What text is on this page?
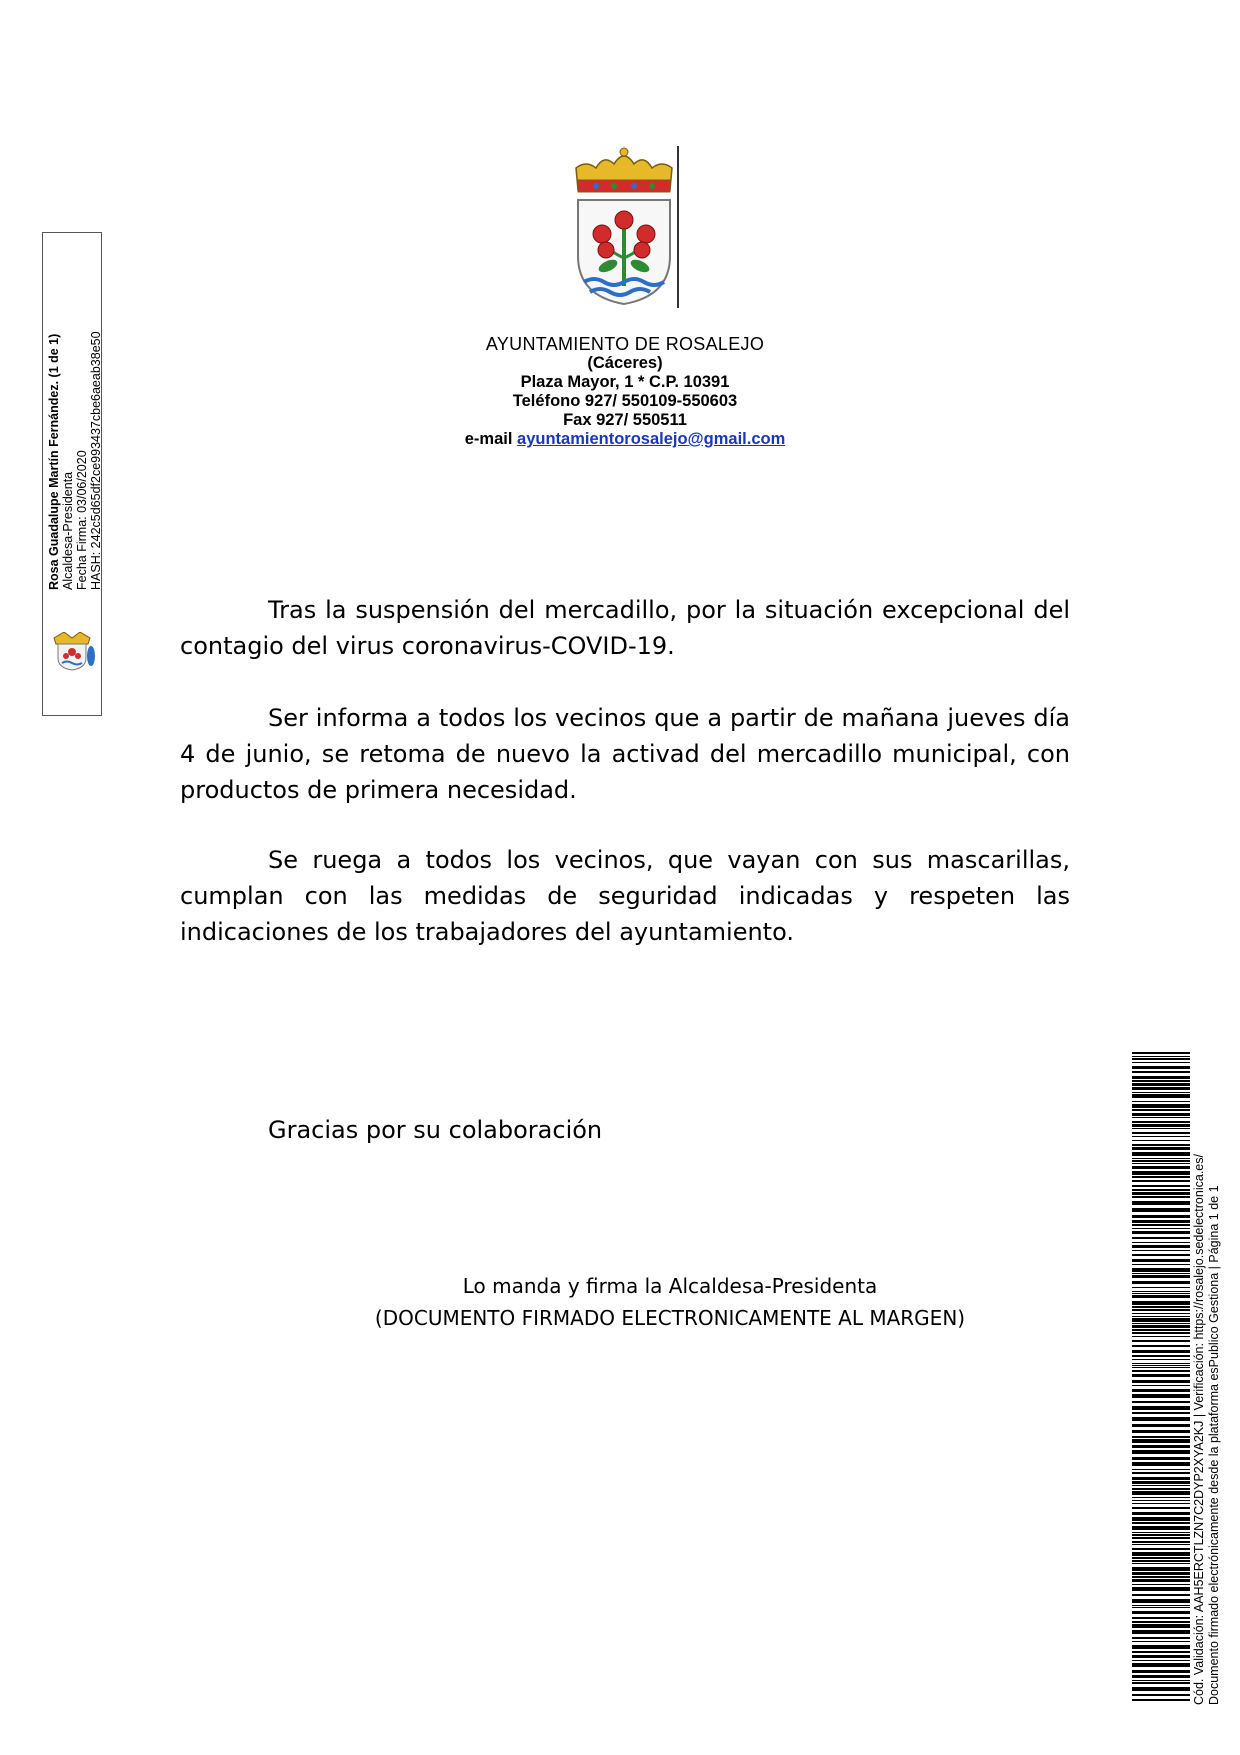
AYUNTAMIENTO DE ROSALEJO
(Cáceres)
Plaza Mayor, 1 * C.P. 10391
Teléfono 927/ 550109-550603
Fax 927/ 550511
e-mail ayuntamientorosalejo@gmail.com

Tras la suspensión del mercadillo, por la situación excepcional del contagio del virus coronavirus-COVID-19.

Ser informa a todos los vecinos que a partir de mañana jueves día 4 de junio, se retoma de nuevo la activad del mercadillo municipal, con productos de primera necesidad.

Se ruega a todos los vecinos, que vayan con sus mascarillas, cumplan con las medidas de seguridad indicadas y respeten las indicaciones de los trabajadores del ayuntamiento.

Gracias por su colaboración
Lo manda y firma la Alcaldesa-Presidenta
(DOCUMENTO FIRMADO ELECTRONICAMENTE AL MARGEN)
Rosa Guadalupe Martín Fernández. (1 de 1) Alcaldesa-Presidenta Fecha Firma: 03/06/2020 HASH: 242c5d65df2ce993437cbe6aeab38e50
Cód. Validación: AAH5ERCTLZN7C2DYP2XYA2KJ | Verificación: https://rosalejo.sedelectronica.es/ Documento firmado electrónicamente desde la plataforma esPublico Gestiona | Página 1 de 1
